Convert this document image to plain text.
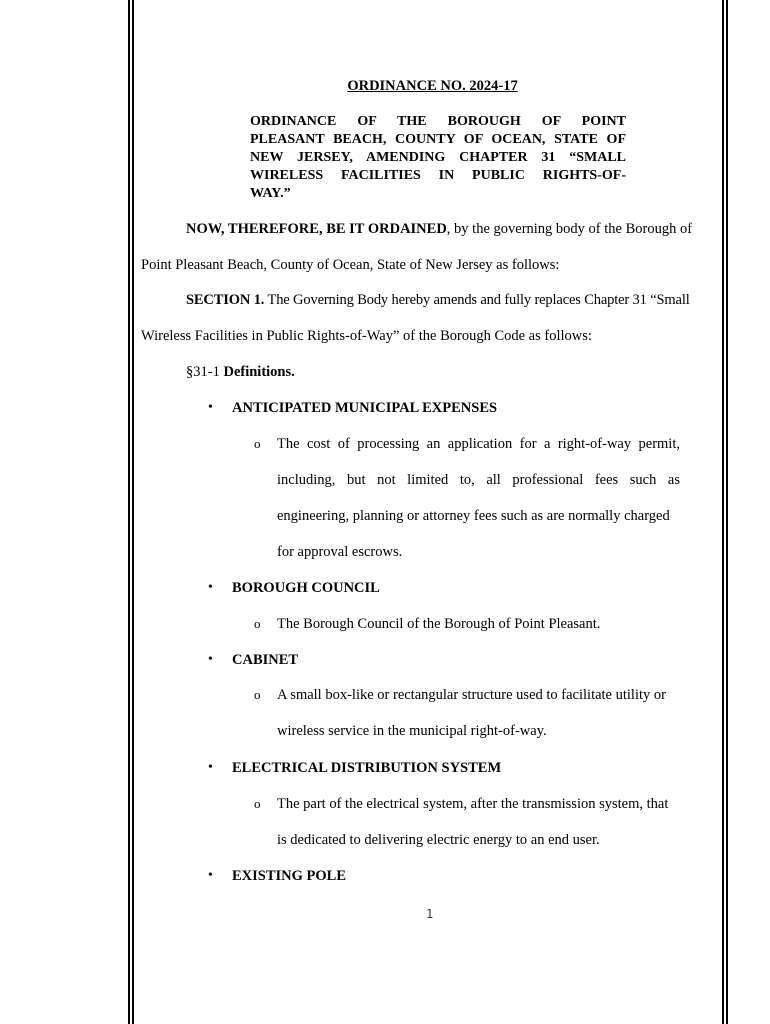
ORDINANCE NO. 2024-17
ORDINANCE OF THE BOROUGH OF POINT
PLEASANT BEACH, COUNTY OF OCEAN, STATE OF
NEW JERSEY, AMENDING CHAPTER 31 “SMALL
WIRELESS FACILITIES IN PUBLIC RIGHTS-OF-
WAY.”
NOW, THEREFORE, BE IT ORDAINED, by the governing body of the Borough of
Point Pleasant Beach, County of Ocean, State of New Jersey as follows:
SECTION 1. The Governing Body hereby amends and fully replaces Chapter 31 “Small
Wireless Facilities in Public Rights-of-Way” of the Borough Code as follows:
§31-1 Definitions.
•	ANTICIPATED MUNICIPAL EXPENSES
o The cost of processing an application for a right-of-way permit,
including, but not limited to, all professional fees such as
engineering, planning or attorney fees such as are normally charged
for approval escrows.
•	BOROUGH COUNCIL
o The Borough Council of the Borough of Point Pleasant.
•	CABINET
o A small box-like or rectangular structure used to facilitate utility or
wireless service in the municipal right-of-way.
•	ELECTRICAL DISTRIBUTION SYSTEM
o The part of the electrical system, after the transmission system, that
is dedicated to delivering electric energy to an end user.
•	EXISTING POLE
1
